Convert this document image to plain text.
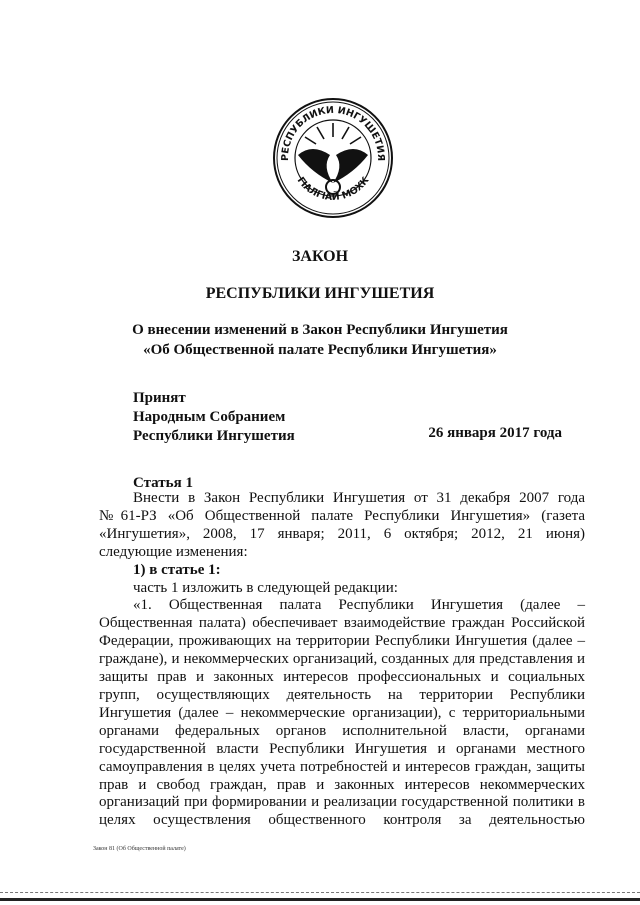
РЕСПУБЛИКИ ИНГУШЕТИЯ
ГIАЛГIАЙ МОХК
ЗАКОН
РЕСПУБЛИКИ ИНГУШЕТИЯ
О внесении изменений в Закон Республики Ингушетия
«Об Общественной палате Республики Ингушетия»
Принят
Народным Собранием
Республики Ингушетия	26 января 2017 года
Статья 1

Внести в Закон Республики Ингушетия от 31 декабря 2007 года

№61-РЗ «Об Общественной палате Республики Ингушетия» (газета

«Ингушетия», 2008, 17 января; 2011, 6 октября; 2012, 21 июня)

следующие изменения:

1) в статье 1:

часть 1 изложить в следующей редакции:

«1. Общественная палата Республики Ингушетия (далее –

Общественная палата) обеспечивает взаимодействие граждан Российской

Федерации, проживающих на территории Республики Ингушетия (далее –

граждане), и некоммерческих организаций, созданных для представления и

защиты прав и законных интересов профессиональных и социальных

групп, осуществляющих деятельность на территории Республики

Ингушетия (далее – некоммерческие организации), с территориальными

органами федеральных органов исполнительной власти, органами

государственной власти Республики Ингушетия и органами местного

самоуправления в целях учета потребностей и интересов граждан, защиты

прав и свобод граждан, прав и законных интересов некоммерческих

организаций при формировании и реализации государственной политики в

целях осуществления общественного контроля за деятельностью

Закон 81 (Об Общественной палате)
